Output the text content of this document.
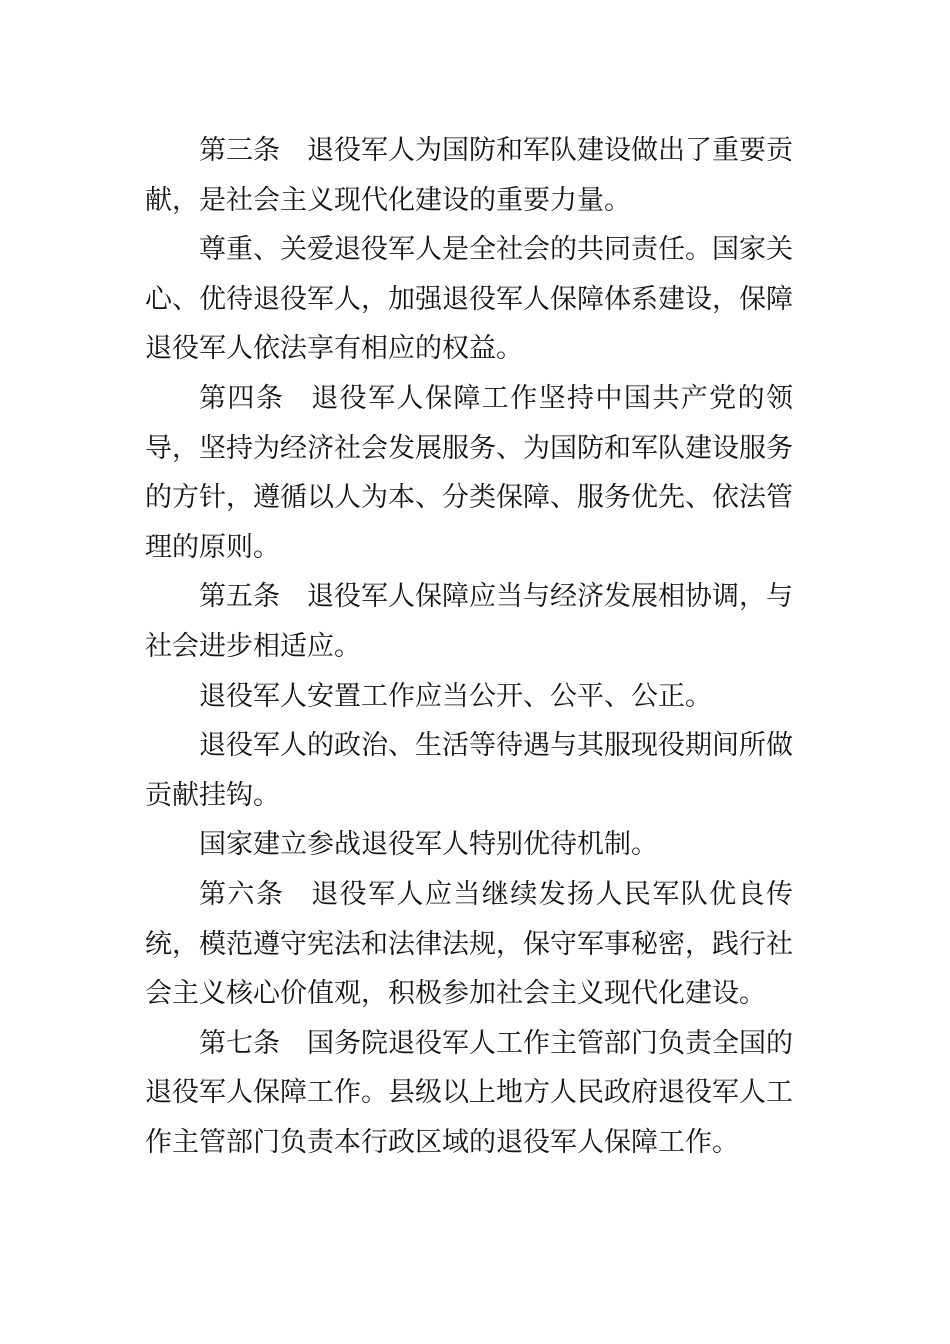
第三条 退役军人为国防和军队建设做出了重要贡献，是社会主义现代化建设的重要力量。

尊重、关爱退役军人是全社会的共同责任。国家关心、优待退役军人，加强退役军人保障体系建设，保障退役军人依法享有相应的权益。

第四条 退役军人保障工作坚持中国共产党的领导，坚持为经济社会发展服务、为国防和军队建设服务的方针，遵循以人为本、分类保障、服务优先、依法管理的原则。

第五条 退役军人保障应当与经济发展相协调，与社会进步相适应。

退役军人安置工作应当公开、公平、公正。

退役军人的政治、生活等待遇与其服现役期间所做贡献挂钩。

国家建立参战退役军人特别优待机制。

第六条 退役军人应当继续发扬人民军队优良传统，模范遵守宪法和法律法规，保守军事秘密，践行社会主义核心价值观，积极参加社会主义现代化建设。

第七条 国务院退役军人工作主管部门负责全国的退役军人保障工作。县级以上地方人民政府退役军人工作主管部门负责本行政区域的退役军人保障工作。
